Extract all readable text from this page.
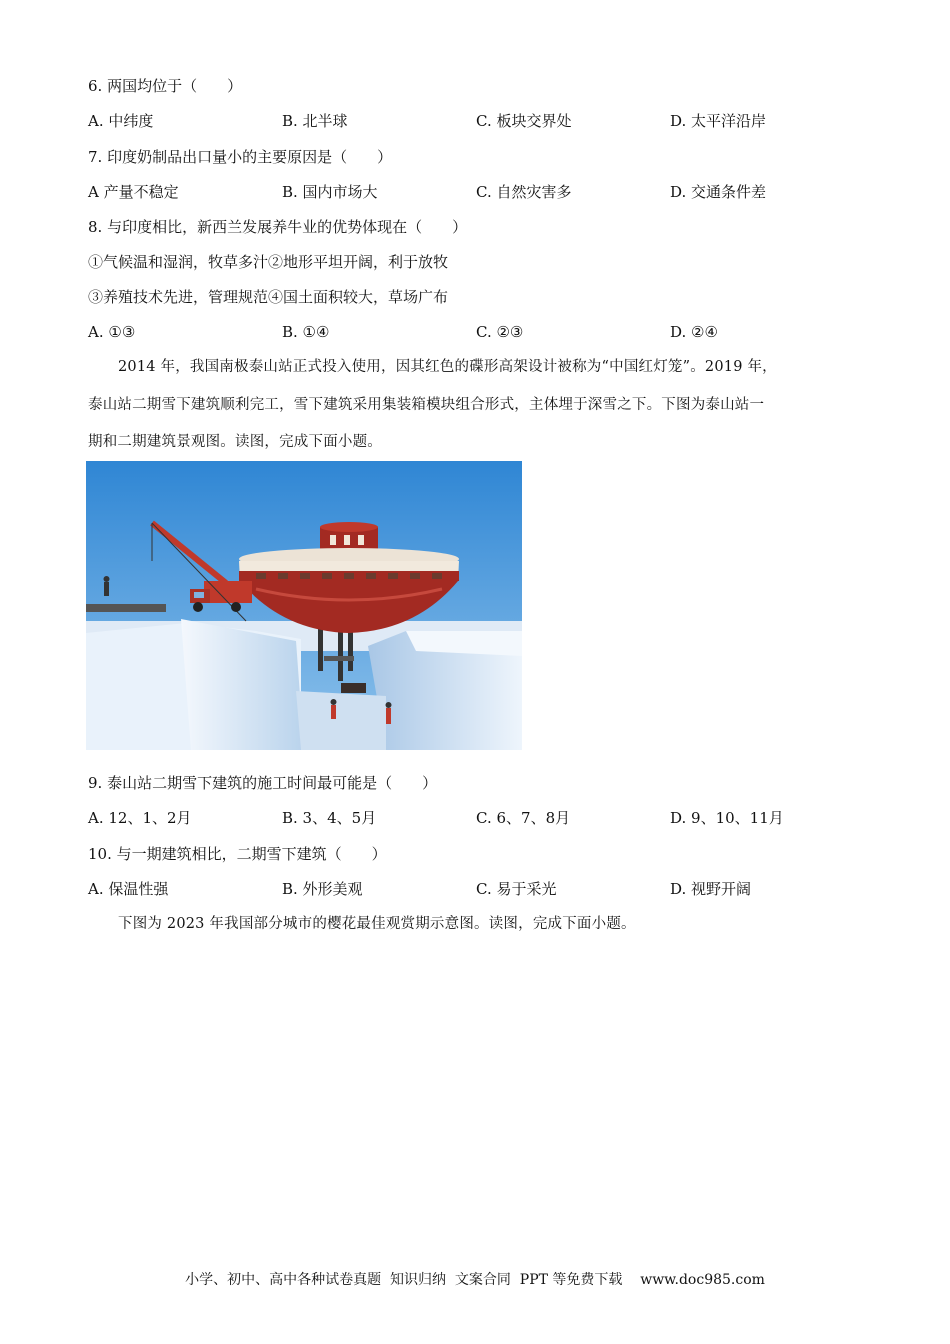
6. 两国均位于（　　）
A. 中纬度	B. 北半球	C. 板块交界处	D. 太平洋沿岸
7. 印度奶制品出口量小的主要原因是（　　）
A 产量不稳定	B. 国内市场大	C. 自然灾害多	D. 交通条件差
8. 与印度相比，新西兰发展养牛业的优势体现在（　　）
①气候温和湿润，牧草多汁②地形平坦开阔，利于放牧
③养殖技术先进，管理规范④国土面积较大，草场广布
A. ①③	B. ①④	C. ②③	D. ②④
2014 年，我国南极泰山站正式投入使用，因其红色的碟形高架设计被称为“中国红灯笼”。2019 年，
泰山站二期雪下建筑顺利完工，雪下建筑采用集装箱模块组合形式，主体埋于深雪之下。下图为泰山站一
期和二期建筑景观图。读图，完成下面小题。
9. 泰山站二期雪下建筑的施工时间最可能是（　　）
A. 12、1、2月	B. 3、4、5月	C. 6、7、8月	D. 9、10、11月
10. 与一期建筑相比，二期雪下建筑（　　）
A. 保温性强	B. 外形美观	C. 易于采光	D. 视野开阔
下图为 2023 年我国部分城市的樱花最佳观赏期示意图。读图，完成下面小题。
小学、初中、高中各种试卷真题  知识归纳  文案合同  PPT 等免费下载 www.doc985.com
